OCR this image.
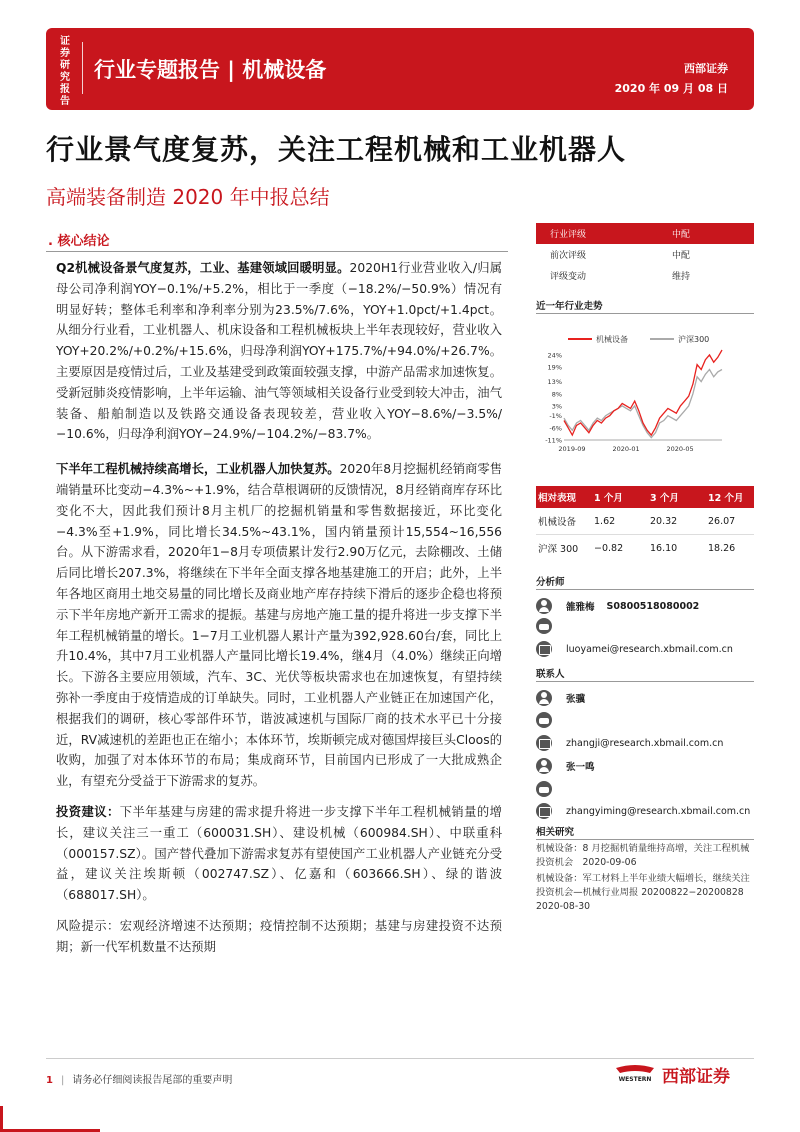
证券研究报告
行业专题报告 | 机械设备	西部证券
2020 年 09 月 08 日
行业景气度复苏，关注工程机械和工业机器人
高端装备制造 2020 年中报总结
. 核心结论

Q2机械设备景气度复苏，工业、基建领域回暖明显。2020H1行业营业收入/归属母公司净利润YOY−0.1%/+5.2%，相比于一季度（−18.2%/−50.9%）情况有明显好转；整体毛利率和净利率分别为23.5%/7.6%，YOY+1.0pct/+1.4pct。从细分行业看，工业机器人、机床设备和工程机械板块上半年表现较好，营业收入YOY+20.2%/+0.2%/+15.6%，归母净利润YOY+175.7%/+94.0%/+26.7%。主要原因是疫情过后，工业及基建受到政策面较强支撑，中游产品需求加速恢复。受新冠肺炎疫情影响，上半年运输、油气等领域相关设备行业受到较大冲击，油气装备、船舶制造以及铁路交通设备表现较差，营业收入YOY−8.6%/−3.5%/−10.6%，归母净利润YOY−24.9%/−104.2%/−83.7%。

下半年工程机械持续高增长，工业机器人加快复苏。2020年8月挖掘机经销商零售端销量环比变动−4.3%~+1.9%，结合草根调研的反馈情况，8月经销商库存环比变化不大，因此我们预计8月主机厂的挖掘机销量和零售数据接近，环比变化−4.3%至+1.9%，同比增长34.5%~43.1%，国内销量预计15,554~16,556台。从下游需求看，2020年1−8月专项债累计发行2.90万亿元，去除棚改、土储后同比增长207.3%，将继续在下半年全面支撑各地基建施工的开启；此外，上半年各地区商用土地交易量的同比增长及商业地产库存持续下滑后的逐步企稳也将预示下半年房地产新开工需求的提振。基建与房地产施工量的提升将进一步支撑下半年工程机械销量的增长。1−7月工业机器人累计产量为392,928.60台/套，同比上升10.4%，其中7月工业机器人产量同比增长19.4%，继4月（4.0%）继续正向增长。下游各主要应用领域，汽车、3C、光伏等板块需求也在加速恢复，有望持续弥补一季度由于疫情造成的订单缺失。同时，工业机器人产业链正在加速国产化，根据我们的调研，核心零部件环节，谐波减速机与国际厂商的技术水平已十分接近，RV减速机的差距也正在缩小；本体环节，埃斯顿完成对德国焊接巨头Cloos的收购，加强了对本体环节的布局；集成商环节，目前国内已形成了一大批成熟企业，有望充分受益于下游需求的复苏。

投资建议：下半年基建与房建的需求提升将进一步支撑下半年工程机械销量的增长，建议关注三一重工（600031.SH）、建设机械（600984.SH）、中联重科（000157.SZ）。国产替代叠加下游需求复苏有望使国产工业机器人产业链充分受益，建议关注埃斯顿（002747.SZ）、亿嘉和（603666.SH）、绿的谐波（688017.SH）。

风险提示：宏观经济增速不达预期；疫情控制不达预期；基建与房建投资不达预期；新一代军机数量不达预期

行业评级	中配
前次评级	中配
评级变动	维持
近一年行业走势
机械设备	沪深300
24%
19%
13%
8%
3%
-1%
-6%
-11%
2019-09	2020-01	2020-05
相对表现	1 个月	3 个月	12 个月
机械设备	1.62	20.32	26.07
沪深 300	−0.82	16.10	18.26
分析师
雒雅梅 S0800518080002
luoyamei@research.xbmail.com.cn
联系人
张骥
zhangji@research.xbmail.com.cn
张一鸣
zhangyiming@research.xbmail.com.cn
相关研究
机械设备：8 月挖掘机销量维持高增，关注工程机械投资机会　2020-09-06
机械设备：军工材料上半年业绩大幅增长，继续关注投资机会—机械行业周报 20200822−20200828　2020-08-30
1 | 请务必仔细阅读报告尾部的重要声明	WESTERN 西部证券
